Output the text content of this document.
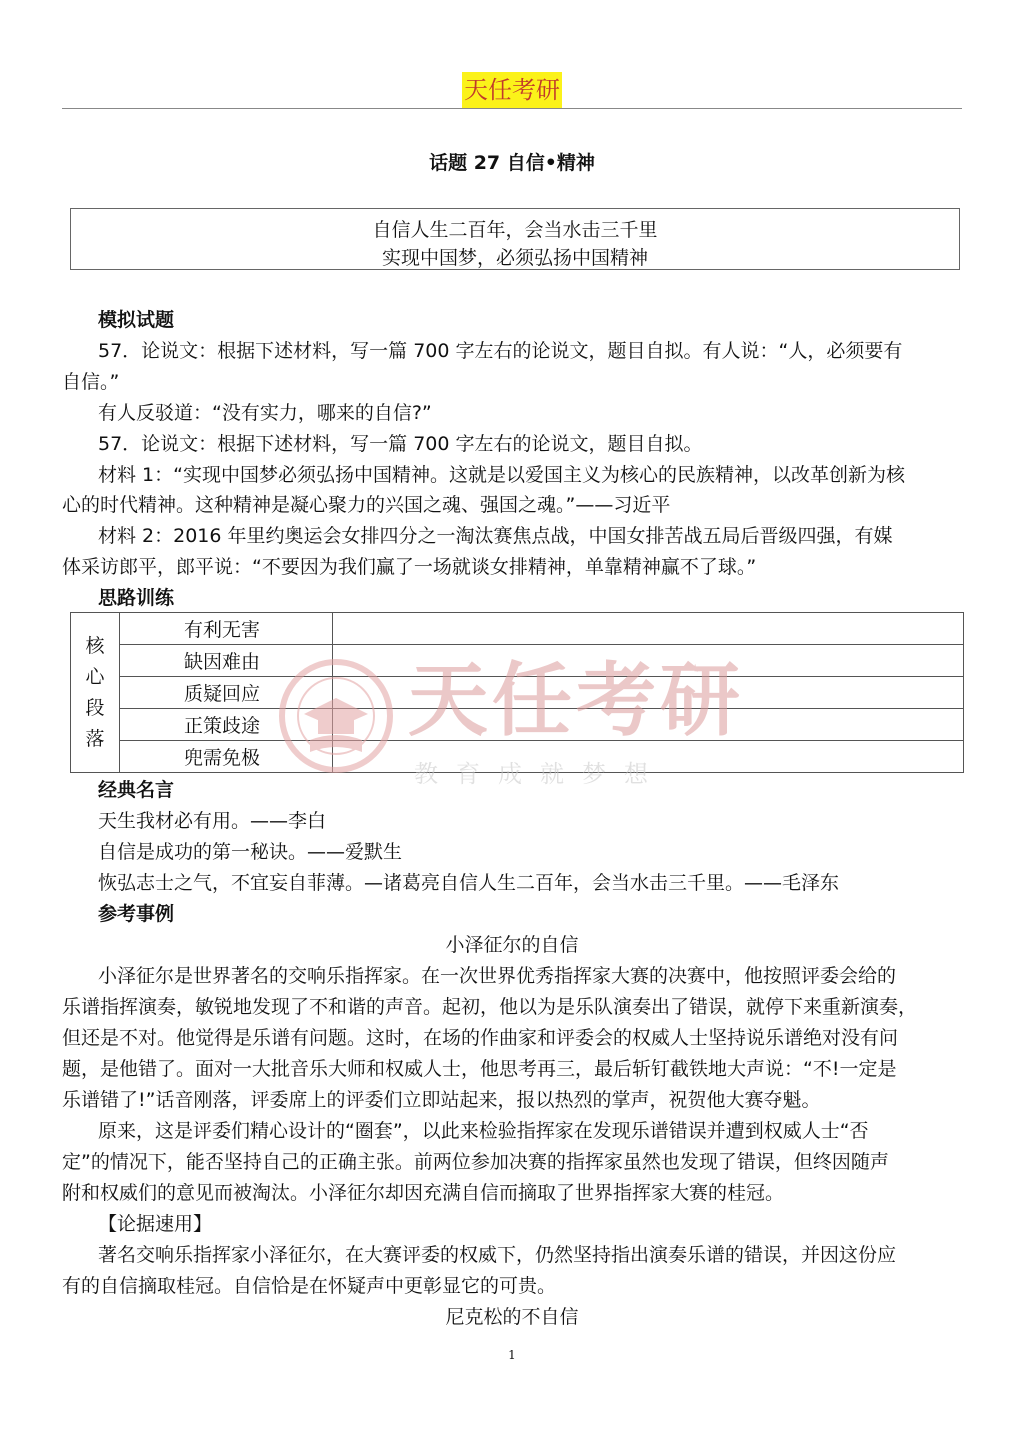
天任考研
话题 27 自信•精神
自信人生二百年，会当水击三千里
实现中国梦，必须弘扬中国精神
模拟试题
57．论说文：根据下述材料，写一篇 700 字左右的论说文，题目自拟。有人说：“人，必须要有
自信。”
有人反驳道：“没有实力，哪来的自信?”
57．论说文：根据下述材料，写一篇 700 字左右的论说文，题目自拟。
材料 1：“实现中国梦必须弘扬中国精神。这就是以爱国主义为核心的民族精神，以改革创新为核
心的时代精神。这种精神是凝心聚力的兴国之魂、强国之魂。”——习近平
材料 2：2016 年里约奥运会女排四分之一淘汰赛焦点战，中国女排苦战五局后晋级四强，有媒
体采访郎平，郎平说：“不要因为我们赢了一场就谈女排精神，单靠精神赢不了球。”
思路训练
核
心
段
落	有利无害	
	缺因难由	
	质疑回应	
	正策歧途	
	兜需免极	
天任考研
教育成就梦想
经典名言
天生我材必有用。——李白
自信是成功的第一秘诀。——爱默生
恢弘志士之气，不宜妄自菲薄。—诸葛亮自信人生二百年，会当水击三千里。——毛泽东
参考事例
小泽征尔的自信
小泽征尔是世界著名的交响乐指挥家。在一次世界优秀指挥家大赛的决赛中，他按照评委会给的
乐谱指挥演奏，敏锐地发现了不和谐的声音。起初，他以为是乐队演奏出了错误，就停下来重新演奏，
但还是不对。他觉得是乐谱有问题。这时，在场的作曲家和评委会的权威人士坚持说乐谱绝对没有问
题，是他错了。面对一大批音乐大师和权威人士，他思考再三，最后斩钉截铁地大声说：“不!一定是
乐谱错了!”话音刚落，评委席上的评委们立即站起来，报以热烈的掌声，祝贺他大赛夺魁。
原来，这是评委们精心设计的“圈套”，以此来检验指挥家在发现乐谱错误并遭到权威人士“否
定”的情况下，能否坚持自己的正确主张。前两位参加决赛的指挥家虽然也发现了错误，但终因随声
附和权威们的意见而被淘汰。小泽征尔却因充满自信而摘取了世界指挥家大赛的桂冠。
【论据速用】
著名交响乐指挥家小泽征尔，在大赛评委的权威下，仍然坚持指出演奏乐谱的错误，并因这份应
有的自信摘取桂冠。自信恰是在怀疑声中更彰显它的可贵。
尼克松的不自信
1
